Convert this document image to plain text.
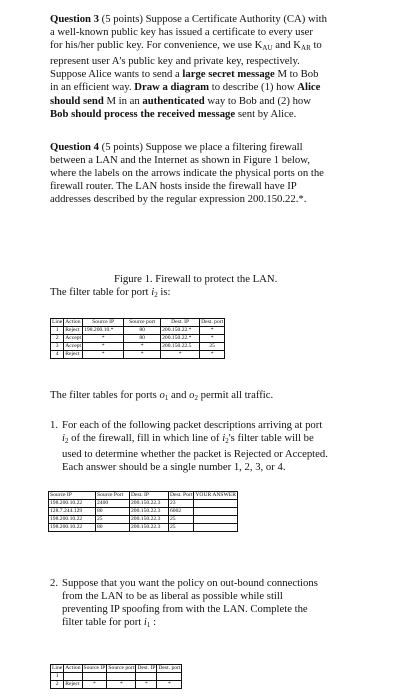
Question 3 (5 points) Suppose a Certificate Authority (CA) with
a well-known public key has issued a certificate to every user
for his/her public key. For convenience, we use $K_{AU}$ and $K_{AR}$ to
represent user A's public key and private key, respectively.
Suppose Alice wants to send a large secret message M to Bob
in an efficient way. Draw a diagram to describe (1) how Alice
should send M in an authenticated way to Bob and (2) how
Bob should process the received message sent by Alice.
Question 4 (5 points) Suppose we place a filtering firewall
between a LAN and the Internet as shown in Figure 1 below,
where the labels on the arrows indicate the physical ports on the
firewall router. The LAN hosts inside the firewall have IP
addresses described by the regular expression 200.150.22.*.
Figure 1. Firewall to protect the LAN.
The filter table for port i2 is:
Line	Action	Source IP	Source port	Dest. IP	Dest. port
1	Reject	198.200.10.*	80	200.150.22.*	*
2	Accept	*	80	200.150.22.*	*
3	Accept	*	*	200.150.22.5	25
4	Reject	*	*	*	*
The filter tables for ports o1 and o2 permit all traffic.
1. For each of the following packet descriptions arriving at port
i2 of the firewall, fill in which line of i2's filter table will be
used to determine whether the packet is Rejected or Accepted.
Each answer should be a single number 1, 2, 3, or 4.
Source IP	Source Port	Dest. IP	Dest. Port	YOUR ANSWER
198.200.10.22	2400	200.150.22.3	23	
128.7.244.129	80	200.150.22.3	6002	
198.200.10.22	25	200.150.22.3	25	
198.200.10.22	80	200.150.22.3	25	
2. Suppose that you want the policy on out-bound connections
from the LAN to be as liberal as possible while still
preventing IP spoofing from with the LAN. Complete the
filter table for port i1 :
Line	Action	Source IP	Source port	Dest. IP	Dest. port
1					
2	Reject	*	*	*	*
